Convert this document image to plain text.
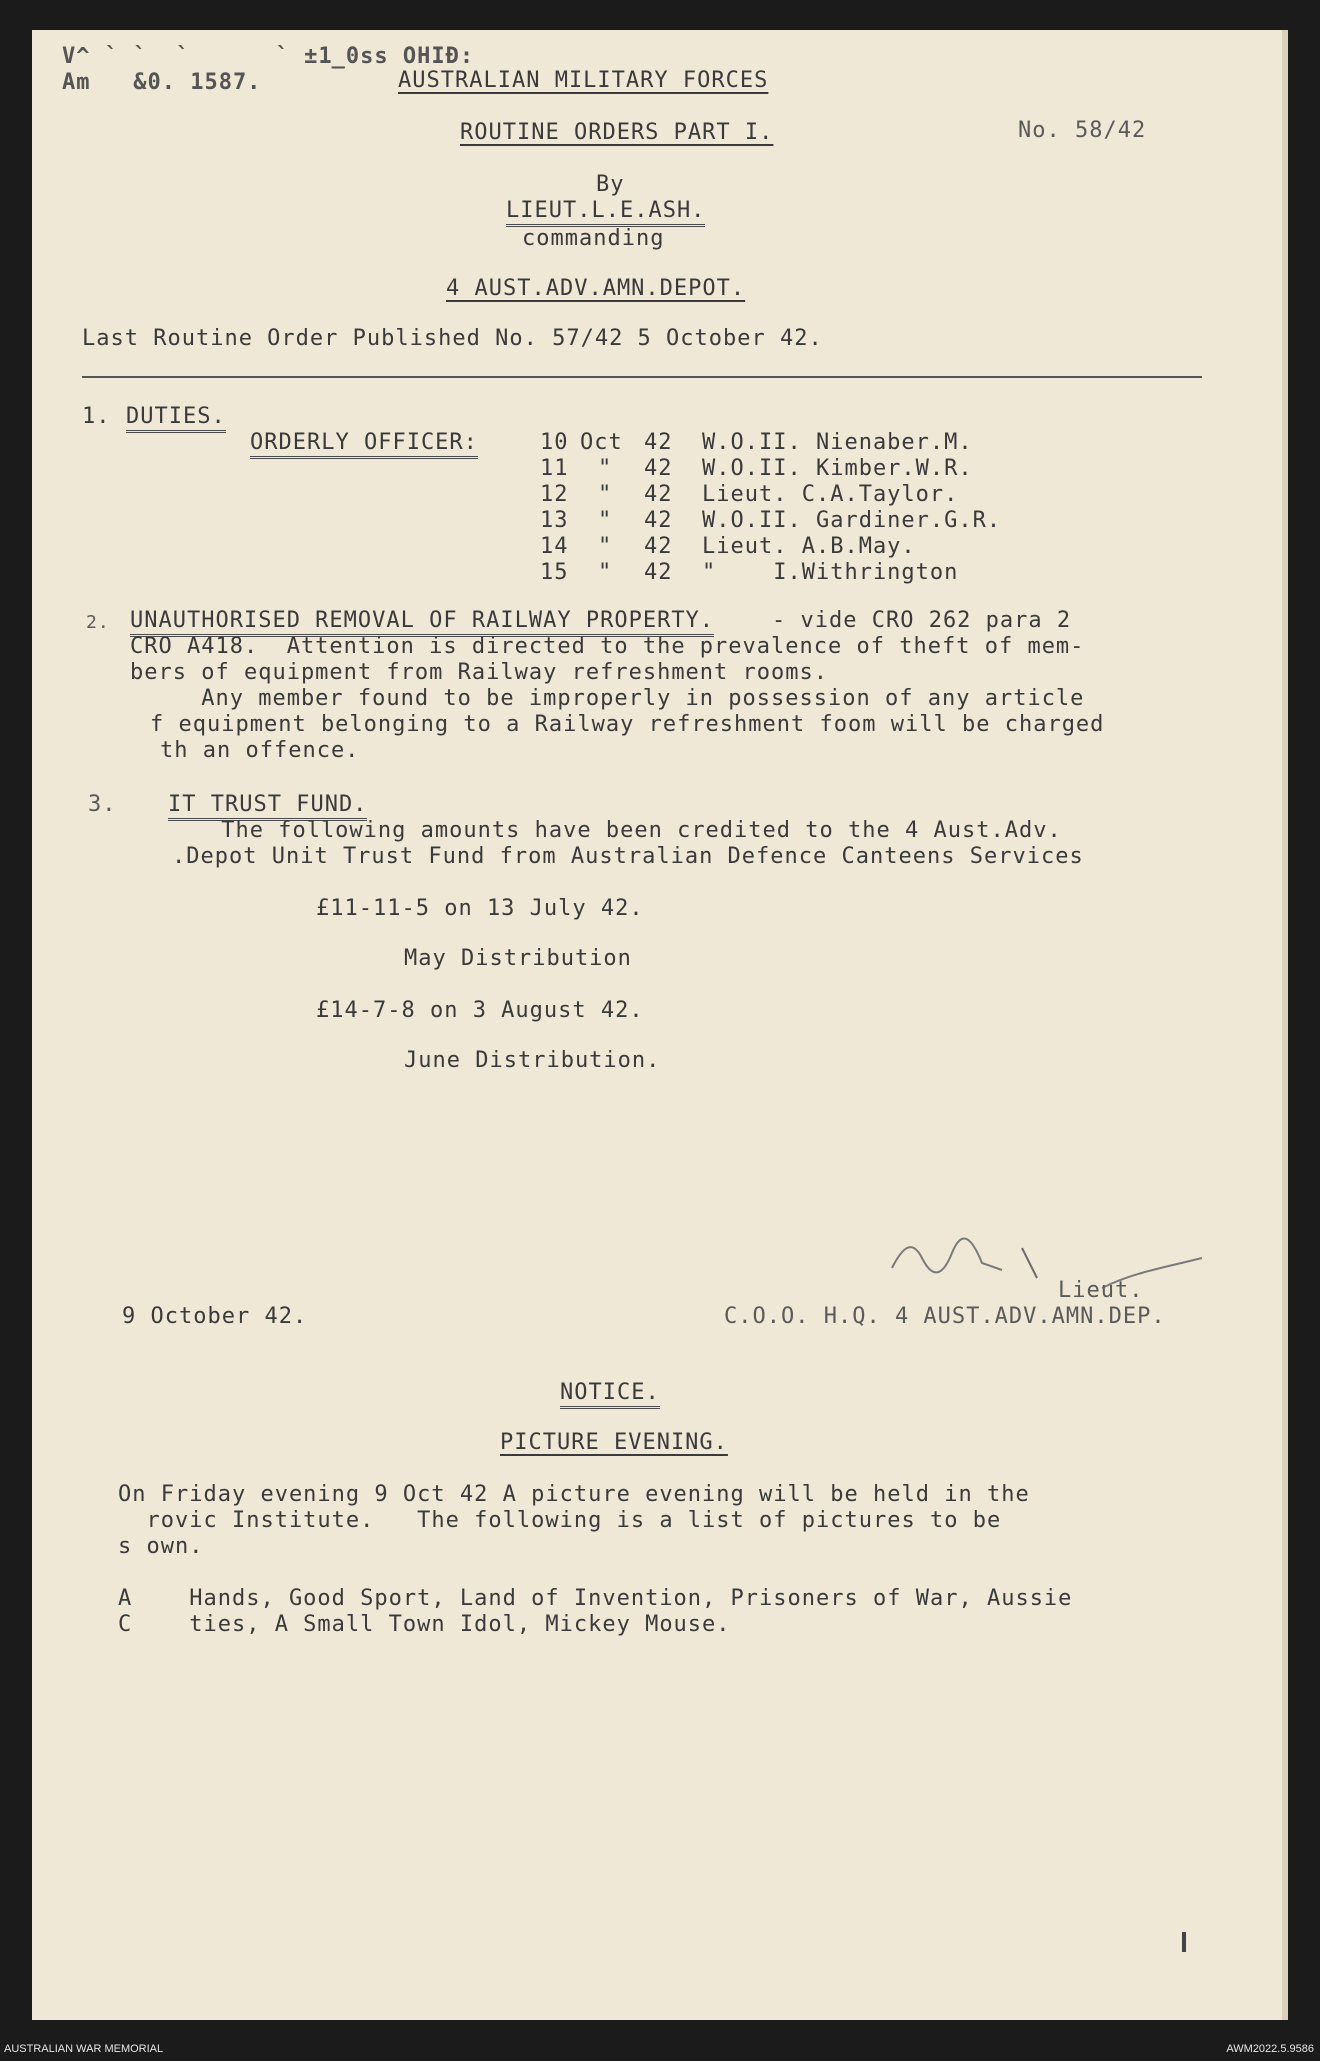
V^ ` `  `      ` ±1̲0ss OHIÐ:
Am   &0. 1587.	AUSTRALIAN MILITARY FORCES
ROUTINE ORDERS PART I.	No. 58/42
By
LIEUT.L.E.ASH.
commanding
4 AUST.ADV.AMN.DEPOT.
Last Routine Order Published No. 57/42 5 October 42.
1. DUTIES.
ORDERLY OFFICER:	10 Oct 42 W.O.II. Nienaber.M.
11 " 42 W.O.II. Kimber.W.R.
12 " 42 Lieut. C.A.Taylor.
13 " 42 W.O.II. Gardiner.G.R.
14 " 42 Lieut. A.B.May.
15 " 42 "    I.Withrington
2. UNAUTHORISED REMOVAL OF RAILWAY PROPERTY.	- vide CRO 262 para 2
CRO A418.  Attention is directed to the prevalence of theft of mem-
bers of equipment from Railway refreshment rooms.
Any member found to be improperly in possession of any article
f equipment belonging to a Railway refreshment foom will be charged
th an offence.
3. IT TRUST FUND.
The following amounts have been credited to the 4 Aust.Adv.
.Depot Unit Trust Fund from Australian Defence Canteens Services
£11-11-5 on 13 July 42.
May Distribution
£14-7-8 on 3 August 42.
June Distribution.
Lieut.
9 October 42.	C.O.O. H.Q. 4 AUST.ADV.AMN.DEP.
NOTICE.
PICTURE EVENING.
On Friday evening 9 Oct 42 A picture evening will be held in the
rovic Institute.   The following is a list of pictures to be
s own.
A    Hands, Good Sport, Land of Invention, Prisoners of War, Aussie
C    ties, A Small Town Idol, Mickey Mouse.
AUSTRALIAN WAR MEMORIAL	AWM2022.5.9586
